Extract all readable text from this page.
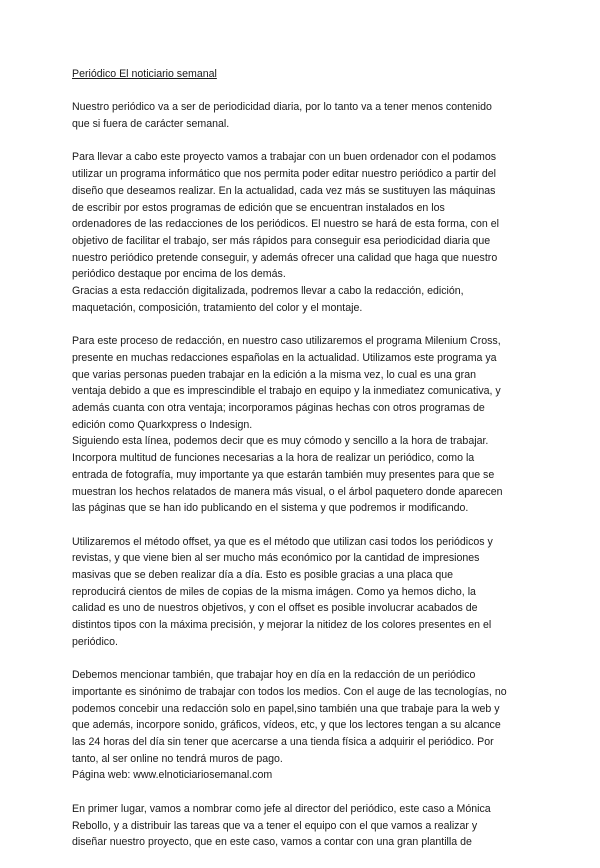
Periódico El noticiario semanal
Nuestro periódico va a ser de periodicidad diaria, por lo tanto va a tener menos contenido
que si fuera de carácter semanal.
Para llevar a cabo este proyecto vamos a trabajar con un buen ordenador con el podamos
utilizar un programa informático que nos permita poder editar nuestro periódico a partir del
diseño que deseamos realizar. En la actualidad, cada vez más se sustituyen las máquinas
de escribir por estos programas de edición que se encuentran instalados en los
ordenadores de las redacciones de los periódicos. El nuestro se hará de esta forma, con el
objetivo de facilitar el trabajo, ser más rápidos para conseguir esa periodicidad diaria que
nuestro periódico pretende conseguir, y además ofrecer una calidad que haga que nuestro
periódico destaque por encima de los demás.
Gracias a esta redacción digitalizada, podremos llevar a cabo la redacción, edición,
maquetación, composición, tratamiento del color y el montaje.
Para este proceso de redacción, en nuestro caso utilizaremos el programa Milenium Cross,
presente en muchas redacciones españolas en la actualidad. Utilizamos este programa ya
que varias personas pueden trabajar en la edición a la misma vez, lo cual es una gran
ventaja debido a que es imprescindible el trabajo en equipo y la inmediatez comunicativa, y
además cuanta con otra ventaja; incorporamos páginas hechas con otros programas de
edición como Quarkxpress o Indesign.
Siguiendo esta línea, podemos decir que es muy cómodo y sencillo a la hora de trabajar.
Incorpora multitud de funciones necesarias a la hora de realizar un periódico, como la
entrada de fotografía, muy importante ya que estarán también muy presentes para que se
muestran los hechos relatados de manera más visual, o el árbol paquetero donde aparecen
las páginas que se han ido publicando en el sistema y que podremos ir modificando.
Utilizaremos el método offset, ya que es el método que utilizan casi todos los periódicos y
revistas, y que viene bien al ser mucho más económico por la cantidad de impresiones
masivas que se deben realizar día a día. Esto es posible gracias a una placa que
reproducirá cientos de miles de copias de la misma imágen. Como ya hemos dicho, la
calidad es uno de nuestros objetivos, y con el offset es posible involucrar acabados de
distintos tipos con la máxima precisión, y mejorar la nitidez de los colores presentes en el
periódico.
Debemos mencionar también, que trabajar hoy en día en la redacción de un periódico
importante es sinónimo de trabajar con todos los medios. Con el auge de las tecnologías, no
podemos concebir una redacción solo en papel,sino también una que trabaje para la web y
que además, incorpore sonido, gráficos, vídeos, etc, y que los lectores tengan a su alcance
las 24 horas del día sin tener que acercarse a una tienda física a adquirir el periódico. Por
tanto, al ser online no tendrá muros de pago.
Página web: www.elnoticiariosemanal.com
En primer lugar, vamos a nombrar como jefe al director del periódico, este caso a Mónica
Rebollo, y a distribuir las tareas que va a tener el equipo con el que vamos a realizar y
diseñar nuestro proyecto, que en este caso, vamos a contar con una gran plantilla de
